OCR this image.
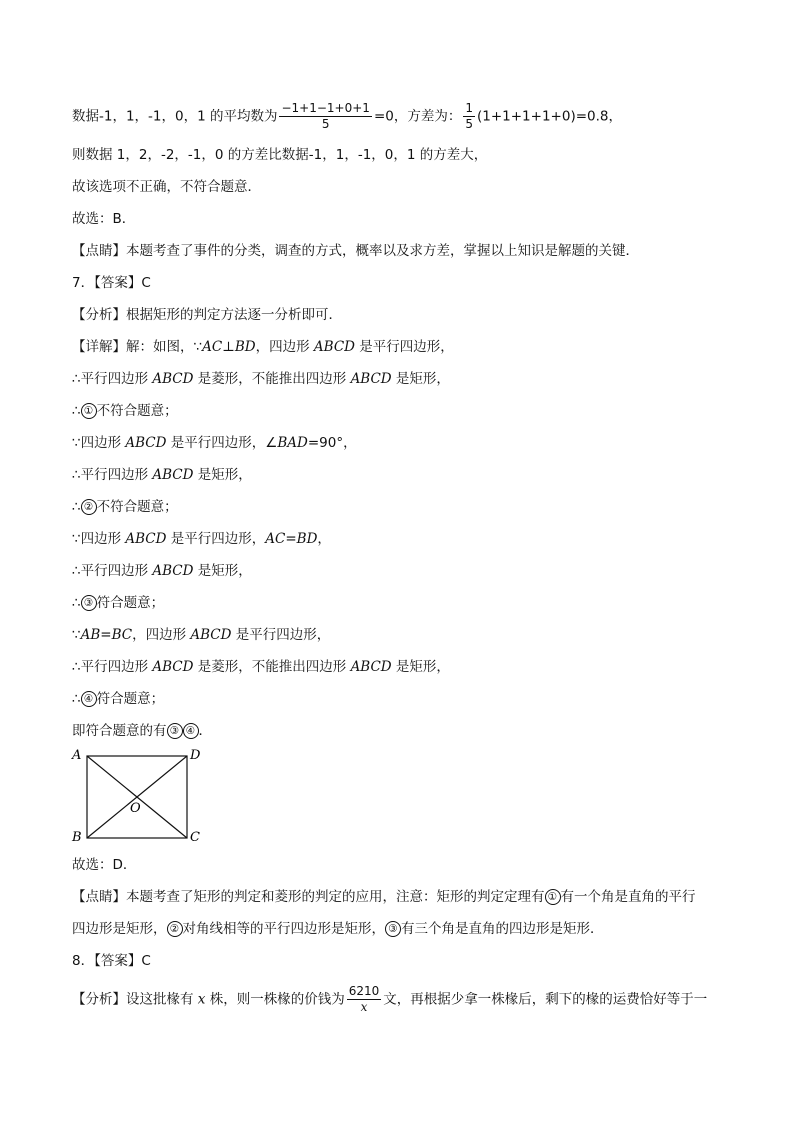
数据-1，1，-1，0，1 的平均数为 $\frac{-1+1-1+0+1}{5} =0$，方差为： $\frac{1}{5} (1+1+1+1+0)=0.8$，
则数据 1，2，-2，-1，0 的方差比数据-1，1，-1，0，1 的方差大，
故该选项不正确，不符合题意．
故选：B．
【点睛】本题考查了事件的分类，调查的方式，概率以及求方差，掌握以上知识是解题的关键．
7．【答案】C
【分析】根据矩形的判定方法逐一分析即可．
【详解】解：如图，∵AC⊥BD，四边形 ABCD 是平行四边形，
∴平行四边形 ABCD 是菱形，不能推出四边形 ABCD 是矩形，
∴ ① 不符合题意；
∵四边形 ABCD 是平行四边形，∠BAD=90°，
∴平行四边形 ABCD 是矩形，
∴ ② 不符合题意；
∵四边形 ABCD 是平行四边形，AC=BD，
∴平行四边形 ABCD 是矩形，
∴ ③ 符合题意；
∵AB=BC，四边形 ABCD 是平行四边形，
∴平行四边形 ABCD 是菱形，不能推出四边形 ABCD 是矩形，
∴ ④ 符合题意；
即符合题意的有 ③ ④ ．
A	D
B	C
O
故选：D．
【点睛】本题考查了矩形的判定和菱形的判定的应用，注意：矩形的判定定理有 ① 有一个角是直角的平行
四边形是矩形， ② 对角线相等的平行四边形是矩形， ③ 有三个角是直角的四边形是矩形．
8．【答案】C
【分析】设这批椽有 x 株，则一株椽的价钱为 $\frac{6210}{x}$ 文，再根据少拿一株椽后，剩下的椽的运费恰好等于一
